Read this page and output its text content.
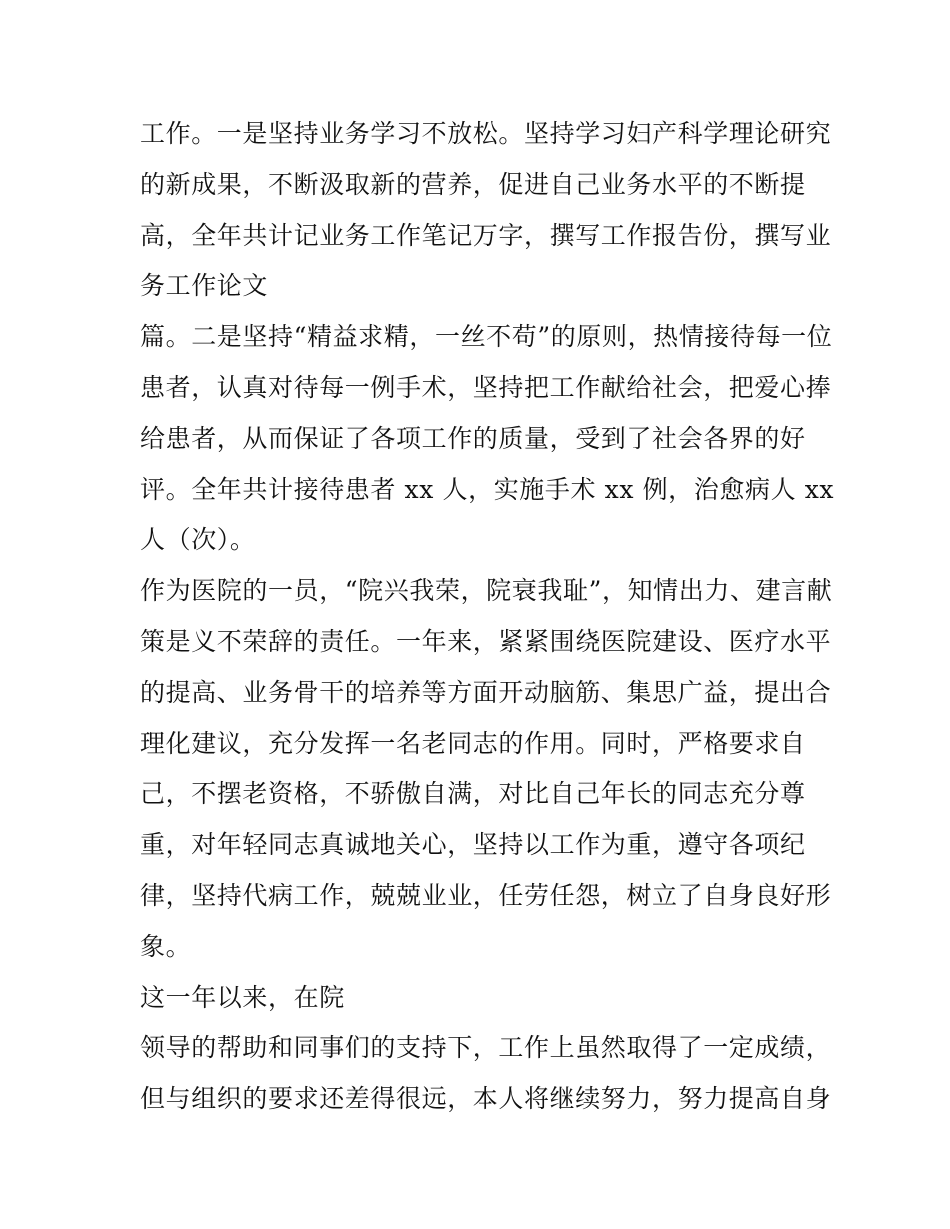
工作。一是坚持业务学习不放松。坚持学习妇产科学理论研究
的新成果，不断汲取新的营养，促进自己业务水平的不断提
高，全年共计记业务工作笔记万字，撰写工作报告份，撰写业
务工作论文
篇。二是坚持“精益求精，一丝不苟”的原则，热情接待每一位
患者，认真对待每一例手术，坚持把工作献给社会，把爱心捧
给患者，从而保证了各项工作的质量，受到了社会各界的好
评。全年共计接待患者 xx 人，实施手术 xx 例，治愈病人 xx
人（次）。
作为医院的一员，“院兴我荣，院衰我耻”，知情出力、建言献
策是义不荣辞的责任。一年来，紧紧围绕医院建设、医疗水平
的提高、业务骨干的培养等方面开动脑筋、集思广益，提出合
理化建议，充分发挥一名老同志的作用。同时，严格要求自
己，不摆老资格，不骄傲自满，对比自己年长的同志充分尊
重，对年轻同志真诚地关心，坚持以工作为重，遵守各项纪
律，坚持代病工作，兢兢业业，任劳任怨，树立了自身良好形
象。
这一年以来，在院
领导的帮助和同事们的支持下，工作上虽然取得了一定成绩，
但与组织的要求还差得很远，本人将继续努力，努力提高自身
